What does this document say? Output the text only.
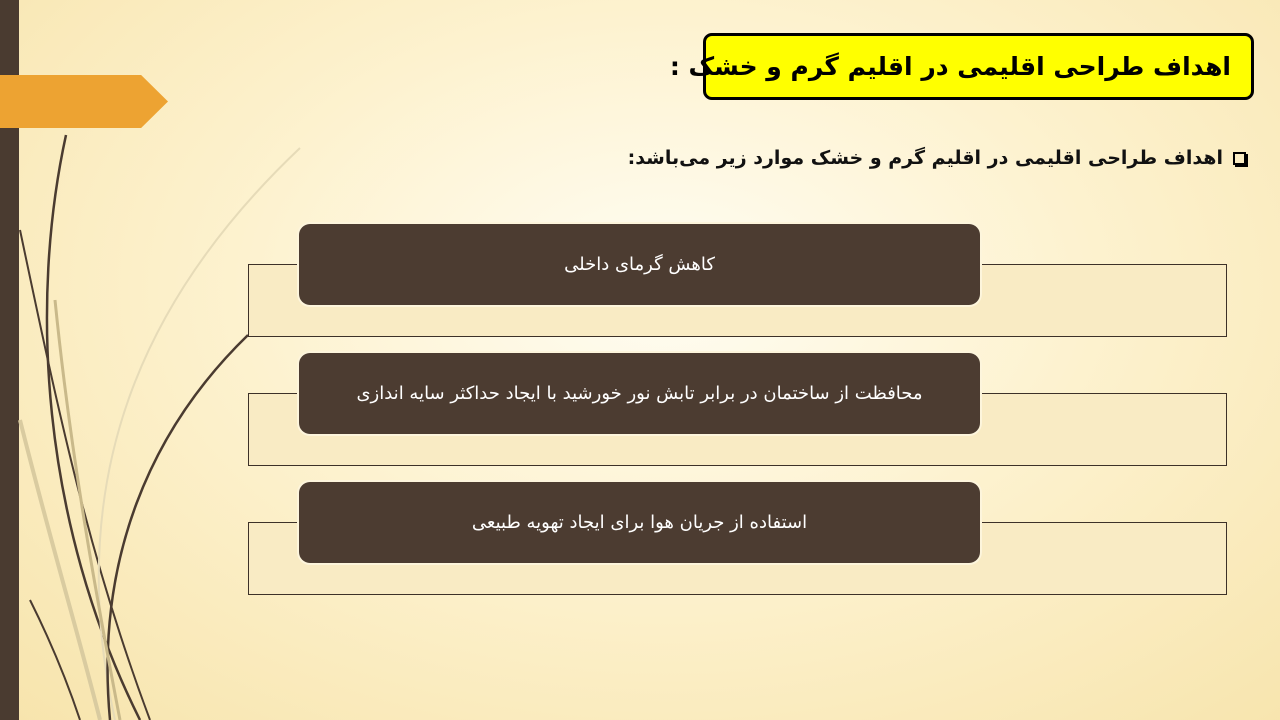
اهداف طراحی اقلیمی در اقلیم گرم و خشک :
اهداف طراحی اقلیمی در اقلیم گرم و خشک موارد زیر می‌باشد:
کاهش گرمای داخلی
محافظت از ساختمان در برابر تابش نور خورشید با ایجاد حداکثر سایه اندازی
استفاده از جریان هوا برای ایجاد تهویه طبیعی
